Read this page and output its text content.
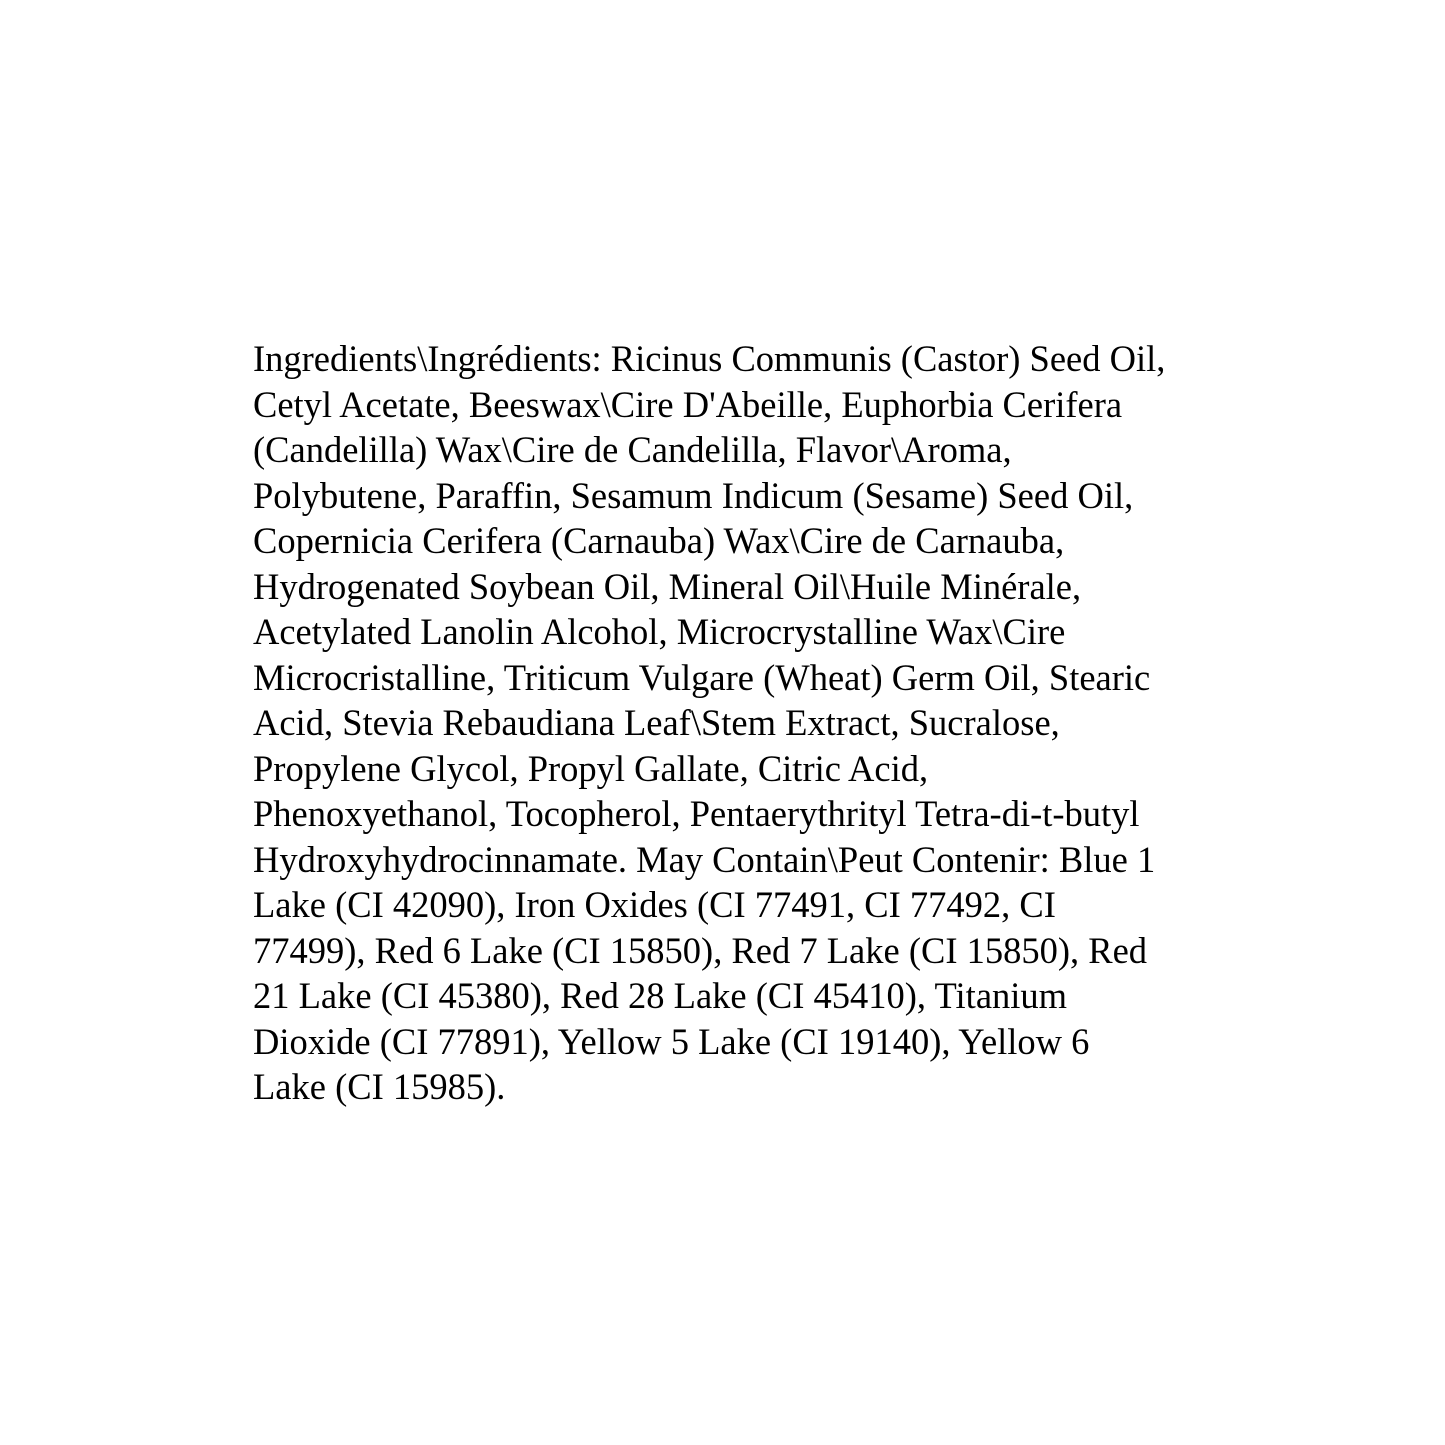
Ingredients\Ingrédients: Ricinus Communis (Castor) Seed Oil,
Cetyl Acetate, Beeswax\Cire D'Abeille, Euphorbia Cerifera
(Candelilla) Wax\Cire de Candelilla, Flavor\Aroma,
Polybutene, Paraffin, Sesamum Indicum (Sesame) Seed Oil,
Copernicia Cerifera (Carnauba) Wax\Cire de Carnauba,
Hydrogenated Soybean Oil, Mineral Oil\Huile Minérale,
Acetylated Lanolin Alcohol, Microcrystalline Wax\Cire
Microcristalline, Triticum Vulgare (Wheat) Germ Oil, Stearic
Acid, Stevia Rebaudiana Leaf\Stem Extract, Sucralose,
Propylene Glycol, Propyl Gallate, Citric Acid,
Phenoxyethanol, Tocopherol, Pentaerythrityl Tetra-di-t-butyl
Hydroxyhydrocinnamate. May Contain\Peut Contenir: Blue 1
Lake (CI 42090), Iron Oxides (CI 77491, CI 77492, CI
77499), Red 6 Lake (CI 15850), Red 7 Lake (CI 15850), Red
21 Lake (CI 45380), Red 28 Lake (CI 45410), Titanium
Dioxide (CI 77891), Yellow 5 Lake (CI 19140), Yellow 6
Lake (CI 15985).
